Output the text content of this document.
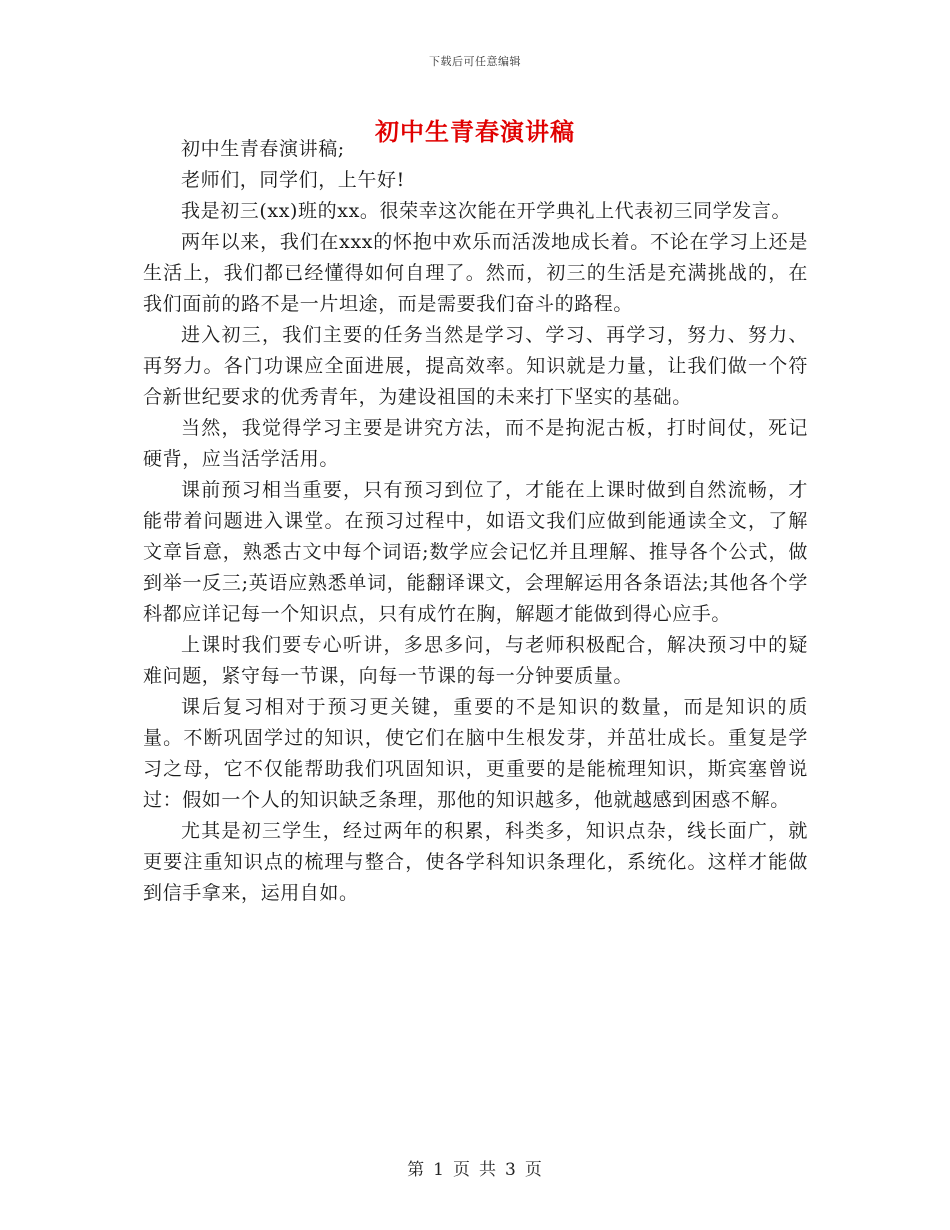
下载后可任意编辑
初中生青春演讲稿

初中生青春演讲稿;

老师们，同学们，上午好!

我是初三(xx)班的xx。很荣幸这次能在开学典礼上代表初三同学发言。

两年以来，我们在xxx的怀抱中欢乐而活泼地成长着。不论在学习上还是生活上，我们都已经懂得如何自理了。然而，初三的生活是充满挑战的，在我们面前的路不是一片坦途，而是需要我们奋斗的路程。

进入初三，我们主要的任务当然是学习、学习、再学习，努力、努力、再努力。各门功课应全面进展，提高效率。知识就是力量，让我们做一个符合新世纪要求的优秀青年，为建设祖国的未来打下坚实的基础。

当然，我觉得学习主要是讲究方法，而不是拘泥古板，打时间仗，死记硬背，应当活学活用。

课前预习相当重要，只有预习到位了，才能在上课时做到自然流畅，才能带着问题进入课堂。在预习过程中，如语文我们应做到能通读全文，了解文章旨意，熟悉古文中每个词语;数学应会记忆并且理解、推导各个公式，做到举一反三;英语应熟悉单词，能翻译课文，会理解运用各条语法;其他各个学科都应详记每一个知识点，只有成竹在胸，解题才能做到得心应手。

上课时我们要专心听讲，多思多问，与老师积极配合，解决预习中的疑难问题，紧守每一节课，向每一节课的每一分钟要质量。

课后复习相对于预习更关键，重要的不是知识的数量，而是知识的质量。不断巩固学过的知识，使它们在脑中生根发芽，并茁壮成长。重复是学习之母，它不仅能帮助我们巩固知识，更重要的是能梳理知识，斯宾塞曾说过：假如一个人的知识缺乏条理，那他的知识越多，他就越感到困惑不解。

尤其是初三学生，经过两年的积累，科类多，知识点杂，线长面广，就更要注重知识点的梳理与整合，使各学科知识条理化，系统化。这样才能做到信手拿来，运用自如。

第 1 页 共 3 页
